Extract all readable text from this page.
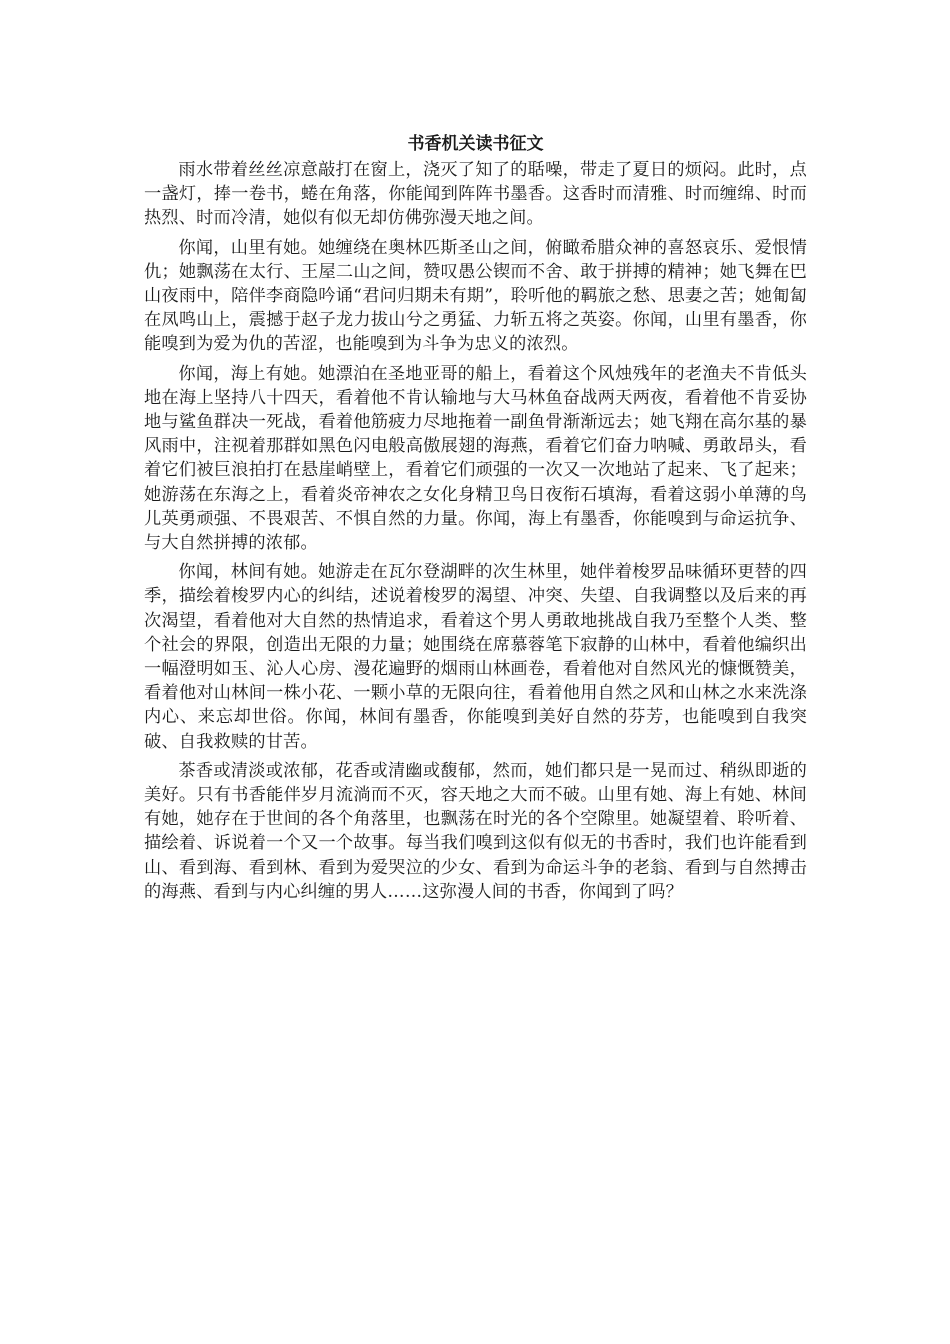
书香机关读书征文

雨水带着丝丝凉意敲打在窗上，浇灭了知了的聒噪，带走了夏日的烦闷。此时，点一盏灯，捧一卷书，蜷在角落，你能闻到阵阵书墨香。这香时而清雅、时而缠绵、时而热烈、时而冷清，她似有似无却仿佛弥漫天地之间。

你闻，山里有她。她缠绕在奥林匹斯圣山之间，俯瞰希腊众神的喜怒哀乐、爱恨情仇；她飘荡在太行、王屋二山之间，赞叹愚公锲而不舍、敢于拼搏的精神；她飞舞在巴山夜雨中，陪伴李商隐吟诵“君问归期未有期”，聆听他的羁旅之愁、思妻之苦；她匍匐在凤鸣山上，震撼于赵子龙力拔山兮之勇猛、力斩五将之英姿。你闻，山里有墨香，你能嗅到为爱为仇的苦涩，也能嗅到为斗争为忠义的浓烈。

你闻，海上有她。她漂泊在圣地亚哥的船上，看着这个风烛残年的老渔夫不肯低头地在海上坚持八十四天，看着他不肯认输地与大马林鱼奋战两天两夜，看着他不肯妥协地与鲨鱼群决一死战，看着他筋疲力尽地拖着一副鱼骨渐渐远去；她飞翔在高尔基的暴风雨中，注视着那群如黑色闪电般高傲展翅的海燕，看着它们奋力呐喊、勇敢昂头，看着它们被巨浪拍打在悬崖峭壁上，看着它们顽强的一次又一次地站了起来、飞了起来；她游荡在东海之上，看着炎帝神农之女化身精卫鸟日夜衔石填海，看着这弱小单薄的鸟儿英勇顽强、不畏艰苦、不惧自然的力量。你闻，海上有墨香，你能嗅到与命运抗争、与大自然拼搏的浓郁。

你闻，林间有她。她游走在瓦尔登湖畔的次生林里，她伴着梭罗品味循环更替的四季，描绘着梭罗内心的纠结，述说着梭罗的渴望、冲突、失望、自我调整以及后来的再次渴望，看着他对大自然的热情追求，看着这个男人勇敢地挑战自我乃至整个人类、整个社会的界限，创造出无限的力量；她围绕在席慕蓉笔下寂静的山林中，看着他编织出一幅澄明如玉、沁人心房、漫花遍野的烟雨山林画卷，看着他对自然风光的慷慨赞美，看着他对山林间一株小花、一颗小草的无限向往，看着他用自然之风和山林之水来洗涤内心、来忘却世俗。你闻，林间有墨香，你能嗅到美好自然的芬芳，也能嗅到自我突破、自我救赎的甘苦。

茶香或清淡或浓郁，花香或清幽或馥郁，然而，她们都只是一晃而过、稍纵即逝的美好。只有书香能伴岁月流淌而不灭，容天地之大而不破。山里有她、海上有她、林间有她，她存在于世间的各个角落里，也飘荡在时光的各个空隙里。她凝望着、聆听着、描绘着、诉说着一个又一个故事。每当我们嗅到这似有似无的书香时，我们也许能看到山、看到海、看到林、看到为爱哭泣的少女、看到为命运斗争的老翁、看到与自然搏击的海燕、看到与内心纠缠的男人……这弥漫人间的书香，你闻到了吗？
